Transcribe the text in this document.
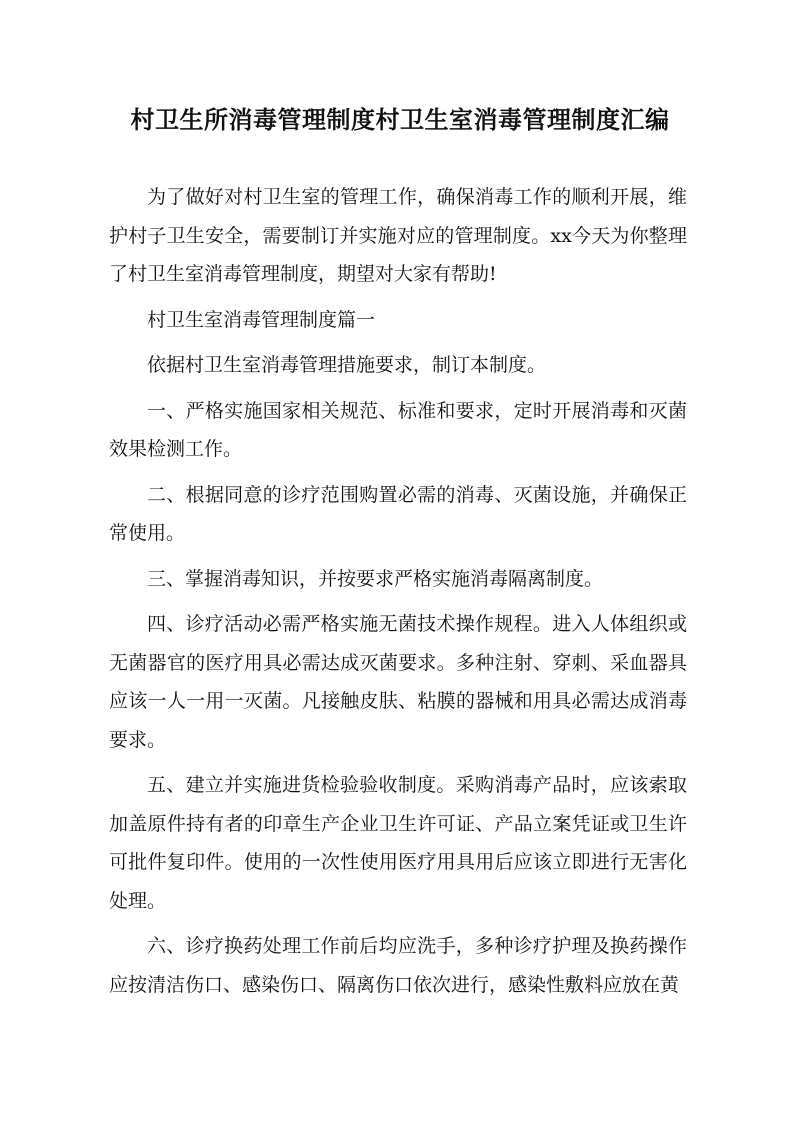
村卫生所消毒管理制度村卫生室消毒管理制度汇编

为了做好对村卫生室的管理工作，确保消毒工作的顺利开展，维护村子卫生安全，需要制订并实施对应的管理制度。xx今天为你整理了村卫生室消毒管理制度，期望对大家有帮助!

村卫生室消毒管理制度篇一

依据村卫生室消毒管理措施要求，制订本制度。

一、严格实施国家相关规范、标准和要求，定时开展消毒和灭菌效果检测工作。

二、根据同意的诊疗范围购置必需的消毒、灭菌设施，并确保正常使用。

三、掌握消毒知识，并按要求严格实施消毒隔离制度。

四、诊疗活动必需严格实施无菌技术操作规程。进入人体组织或无菌器官的医疗用具必需达成灭菌要求。多种注射、穿刺、采血器具应该一人一用一灭菌。凡接触皮肤、粘膜的器械和用具必需达成消毒要求。

五、建立并实施进货检验验收制度。采购消毒产品时，应该索取加盖原件持有者的印章生产企业卫生许可证、产品立案凭证或卫生许可批件复印件。使用的一次性使用医疗用具用后应该立即进行无害化处理。

六、诊疗换药处理工作前后均应洗手，多种诊疗护理及换药操作应按清洁伤口、感染伤口、隔离伤口依次进行，感染性敷料应放在黄
